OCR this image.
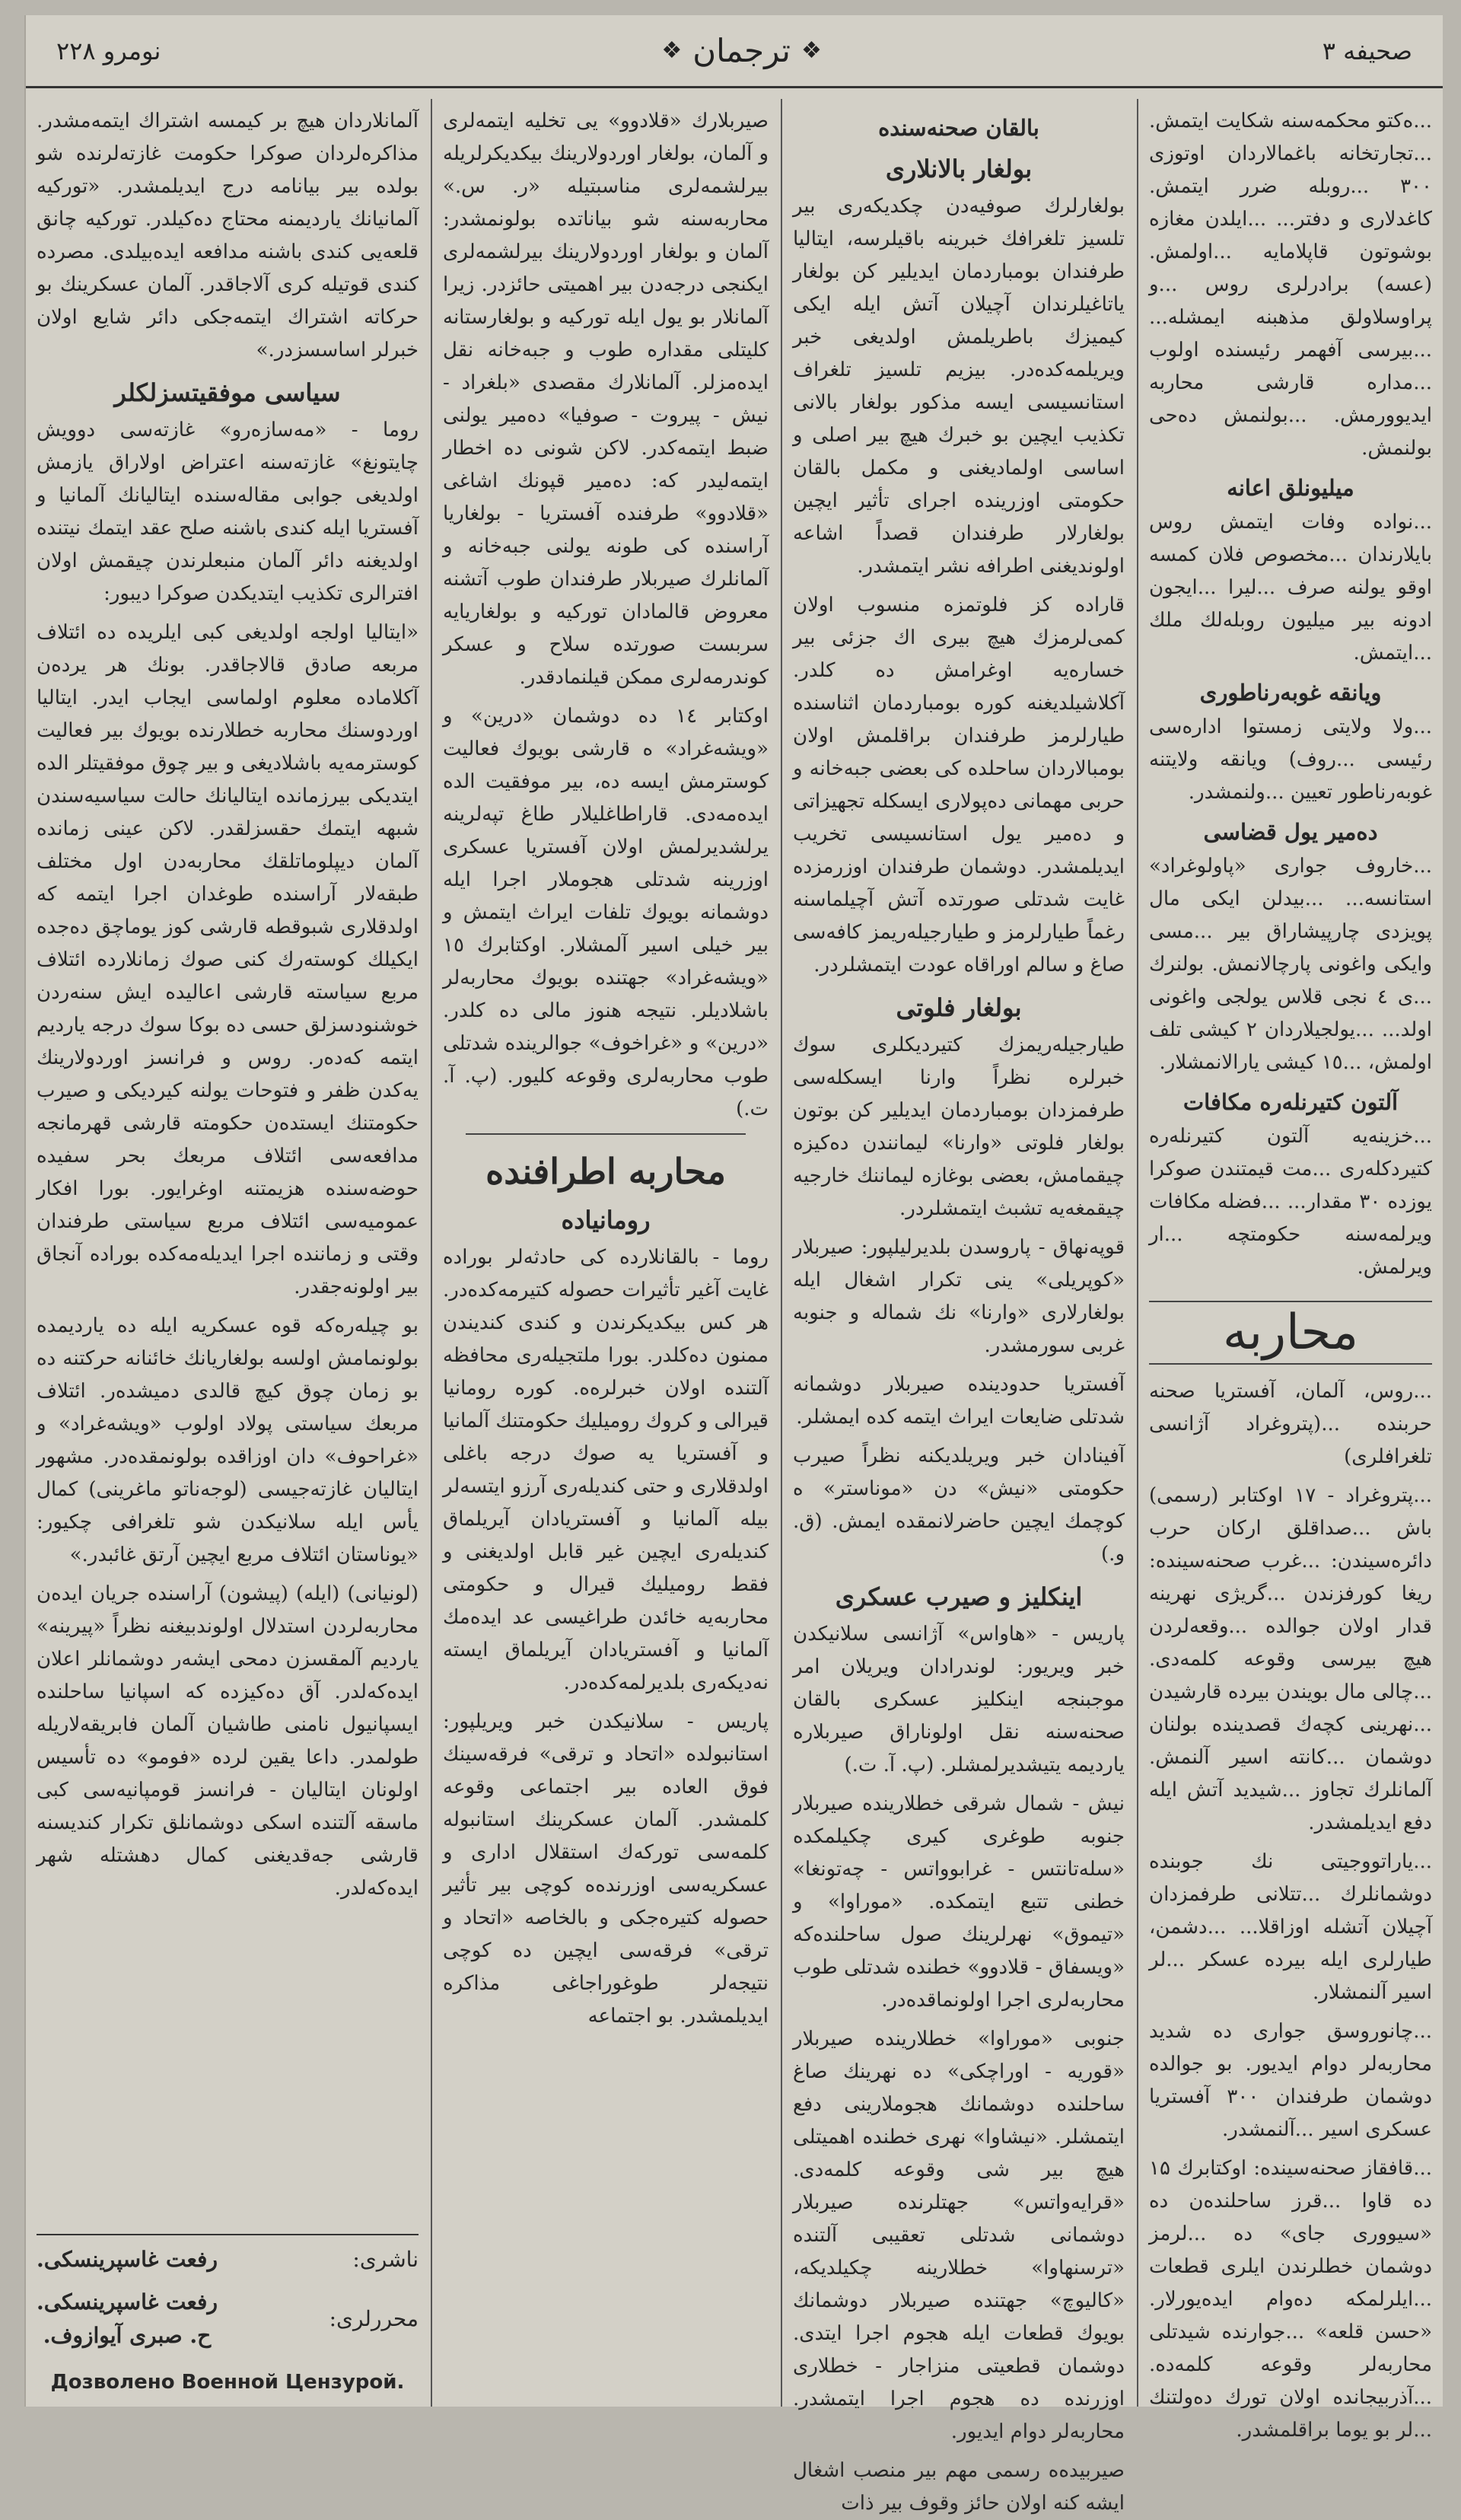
نومرو ۲۲۸	❖ ترجمان ❖	صحيفه ۳

...ه‌كتو محكمه‌سنه شكايت ايتمش. ...تجارتخانه باغمالاردان اوتوزی ۳۰۰ ...روبله ضرر ايتمش. كاغدلاری و دفتر... ...ايلدن مغازه بوشوتون قاپلامايه ...اولمش. (عسه) برادرلری روس ...و پراوسلاولق مذهبنه ايمشله... ...بيرسی آفهمر رئيسنده اولوب ...مداره قارشی محاربه ايديوورمش. ...بولنمش ده‌حی بولنمش.

ميليونلق اعانه

...نواده وفات ايتمش روس بايلارندان ...مخصوص فلان كمسه اوقو يولنه صرف ...ليرا ...ايجون ادونه بير ميليون روبله‌لك ملك ...ايتمش.

ويانقه غوبه‌رناطوری

...ولا ولايتی زمستوا اداره‌سی رئيسی ...روف) ويانقه ولايتنه غوبه‌رناطور تعيين ...ولنمشدر.

ده‌مير يول قضاسی

...خاروف جواری «پاولوغراد» استانسه... ...بيدلن ايكی مال پويزدی چارپيشاراق بير ...مسی وايكی واغونی پارچالانمش. بولنرك ...ى ٤ نجی قلاس يولجی واغونی اولد... ...يولجيلاردان ٢ كيشی تلف اولمش، ...١٥ كيشی يارالانمشلار.

آلتون كتيرنله‌ره مكافات

...خزينه‌يه آلتون كتيرنله‌ره كتيرد‌كله‌ری ...مت قيمتندن صوكرا يوزده ٣٠ مقدار... ...فضله مكافات ويرلمه‌سنه حكومتچه ...ار ويرلمش.

محاربه

...روس، آلمان، آفستريا صحنه حربنده ...(پتروغراد آژانسی تلغرافلری)

...پتروغراد - ۱۷ اوكتابر (رسمی) باش ...صداقلق اركان حرب دائره‌سيندن: ...غرب صحنه‌سينده: ريغا كورفزندن ...گريژی نهرينه قدار اولان جوالده ...وقعه‌لردن هيچ بيرسی وقوعه كلمه‌دی. ...چالی مال بويندن بيرده قارشيدن ...نهرينی كچه‌ك قصدينده بولنان دوشمان ...كانته اسير آلنمش. آلمانلرك تجاوز ...شيديد آتش ايله دفع ايديلمشدر.

...ياراتووجيتی نك جوبنده دوشمانلرك ...تتلانی طرفمزدان آچيلان آتشله اوزاقلا... ...دشمن، طيارلری ايله بيرده عسكر ...لر اسير آلنمشلار.

...چانوروسق جواری ده شديد محاربه‌لر دوام ايديور. بو جوالده دوشمان طرفندان ۳۰۰ آفستريا عسكری اسير ...آلنمشدر.

...قافقاز صحنه‌سينده: اوكتابرك ۱۵ ده قاوا ...قرز ساحلنده‌ن ده «سيووری جای» ده ...لرمز دوشمان خطلرندن ايلری قطعات ...ايلرلمكه ده‌وام ايده‌يورلار. «حسن قلعه» ...جوارنده شيدتلی محاربه‌لر وقوعه كلمه‌ده. ...آذربيجانده اولان تورك ده‌ولتنك ...لر بو يوما براقلمشدر.

بالقان صحنه‌سنده
بولغار بالانلاری

بولغارلرك صوفيه‌دن چكديكه‌ری بير تلسيز تلغرافك خبرينه باقيلرسه، ايتاليا طرفندان بومباردمان ايديلير كن بولغار ياتاغيلرندان آچيلان آتش ايله ايكی كيميزك باطريلمش اولديغی خبر ويريلمه‌كده‌در. بيزيم تلسيز تلغراف استانسيسی ايسه مذكور بولغار بالانی تكذيب ايچين بو خبرك هيچ بير اصلی و اساسی اولماديغنی و مكمل بالقان حكومتی اوزرينده اجرای تأثير ايچين بولغارلار طرفندان قصداً اشاعه اولونديغنی اطرافه نشر ايتمشدر.

قاراده كز فلوتمزه منسوب اولان كمی‌لرمزك هيچ بيری اك جزئی بير خساره‌يه اوغرامش ده كلدر. آكلاشيلديغنه كوره بومباردمان اثناسنده طيارلرمز طرفندان براقلمش اولان بومبالاردان ساحلده كی بعضی جبه‌خانه و حربی مهمانی ده‌پولاری ايسكله تجهيزاتی و ده‌مير يول استانسيسی تخريب ايديلمشدر. دوشمان طرفندان اوزرمزده غايت شدتلی صورتده آتش آچيلماسنه رغماً طيارلرمز و طيارجيله‌ريمز كافه‌سی صاغ و سالم اوراقاه عودت ايتمشلردر.

بولغار فلوتی

طيارجيله‌ريمزك كتيرديكلری سوك خبرلره نظراً وارنا ايسكله‌سی طرفمزدان بومباردمان ايديلير كن بوتون بولغار فلوتی «وارنا» ليمانندن ده‌كيزه چيقمامش، بعضی بوغازه ليماننك خارجيه چيقمغه‌يه تشبث ايتمشلردر.

قوپه‌نهاق - پاروسدن بلديرليلپور: صيربلار «كوپريلی» ينی تكرار اشغال ايله بولغارلاری «وارنا» نك شماله و جنوبه غربی سورمشدر.

آفستريا حدودينده صيربلار دوشمانه شدتلی ضايعات ايراث ايتمه كده ايمشلر.

آفينادان خبر ويريلديكنه نظراً صيرب حكومتی «نيش» دن «موناستر» ه كوچمك ايچين حاضرلانمقده ايمش. (ق. و.)

اينكليز و صيرب عسكری

پاريس - «هاواس» آژانسی سلانيكدن خبر ويريور: لوندرادان ويريلان امر موجبنجه اينكليز عسكری بالقان صحنه‌سنه نقل اولوناراق صيربلاره يارديمه يتيشديرلمشلر. (پ. آ. ت.)

نيش - شمال شرقی خطلارينده صيربلار جنوبه طوغری كيری چكيلمكده «سله‌تانتس - غرابوواتس - چه‌تونغا» خطنی تتبع ايتمكده. «موراوا» و «تيموق» نهرلرينك صول ساحلنده‌كه «ويسفاق - قلادوو» خطنده شدتلی طوب محاربه‌لری اجرا اولونماقده‌در.

جنوبی «موراوا» خطلارينده صيربلار «قوريه - اوراچكی» ده نهرينك صاغ ساحلنده دوشمانك هجوملارينی دفع ايتمشلر. «نيشاوا» نهری خطنده اهميتلی هيچ بير شی وقوعه كلمه‌دی. «قرايه‌واتس» جهتلرنده صيربلار دوشمانی شدتلی تعقيبی آلتنده «ترسنهاوا» خطلارينه چكيلديكه، «كاليوچ» جهتنده صيربلار دوشمانك بويوك قطعات ايله هجوم اجرا ايتدی. دوشمان قطعيتی منزاجار - خطلاری اوزرنده ده هجوم اجرا ايتمشدر. محاربه‌لر دوام ايديور.

صيربيده‌ه رسمی مهم بير منصب اشغال ايشه كنه اولان حائز وقوف بير ذات

صيربلارك «قلادوو» يی تخليه ايتمه‌لری و آلمان، بولغار اوردولارينك بيكديكرلريله بيرلشمه‌لری مناسبتيله «ر. س.» محاربه‌سنه شو بياناتده بولونمشدر: آلمان و بولغار اوردولارينك بيرلشمه‌لری ايكنجی درجه‌دن بير اهميتی حائزدر. زيرا آلمانلار بو يول ايله توركيه و بولغارستانه كليتلی مقداره طوب و جبه‌خانه نقل ايده‌مزلر. آلمانلارك مقصدی «بلغراد - نيش - پيروت - صوفيا» ده‌مير يولنی ضبط ايتمه‌كدر. لاكن شونی ده اخطار ايتمه‌ليدر كه: ده‌مير قپونك اشاغی «قلادوو» طرفنده آفستريا - بولغاريا آراسنده كی طونه يولنی جبه‌خانه و آلمانلرك صيربلار طرفندان طوب آتشنه معروض قالمادان توركيه و بولغاريايه سربست صورتده سلاح و عسكر كوندرمه‌لری ممكن قيلنمادقدر.

اوكتابر ١٤ ده دوشمان «درين» و «ويشه‌غراد» ه قارشی بويوك فعاليت كوسترمش ايسه ده، بير موفقيت الده ايده‌مه‌دی. قاراطاغليلار طاغ تپه‌لرينه يرلشديرلمش اولان آفستريا عسكری اوزرينه شدتلی هجوملار اجرا ايله دوشمانه بويوك تلفات ايراث ايتمش و بير خيلی اسير آلمشلار. اوكتابرك ١٥ «ويشه‌غراد» جهتنده بويوك محاربه‌لر باشلاديلر. نتيجه هنوز مالی ده كلدر. «درين» و «غراخوف» جوالرينده شدتلی طوب محاربه‌لری وقوعه كليور. (پ. آ. ت.)

محاربه اطرافنده
رومانياده

روما - بالقانلارده كی حادثه‌لر بوراده غايت آغير تأثيرات حصوله كتيرمه‌كده‌در. هر كس بيكديكرندن و كندی كنديندن ممنون ده‌كلدر. بورا ملتجيله‌ری محافظه آلتنده اولان خبرلره‌ه. كوره رومانيا قيرالی و كروك روميليك حكومتنك آلمانيا و آفستريا يه صوك درجه باغلی اولدقلاری و حتی كنديله‌ری آرزو ايتسه‌لر بيله آلمانيا و آفستريادان آيريلماق كنديله‌ری ايچين غير قابل اولديغنی و فقط روميليك قيرال و حكومتی محاربه‌يه خائدن طراغيسی عد ايده‌مك آلمانيا و آفستريادان آيريلماق ايسته نه‌ديكه‌ری بلديرلمه‌كده‌در.

پاريس - سلانيكدن خبر ويريلپور: استانبولده «اتحاد و ترقی» فرقه‌سينك فوق العاده بير اجتماعی وقوعه كلمشدر. آلمان عسكرينك استانبوله كلمه‌سی توركه‌ك استقلال اداری و عسكريه‌سی اوزرنده‌ه كوچی بير تأثير حصوله كتيره‌جكی و بالخاصه «اتحاد و ترقی» فرقه‌سی ايچين ده كوچی نتيجه‌لر طوغوراجاغی مذاكره ايديلمشدر. بو اجتماعه

آلمانلاردان هيچ بر كيمسه اشتراك ايتمه‌مشدر. مذاكره‌لردان صوكرا حكومت غازته‌لرنده شو بولده بير بيانامه درج ايديلمشدر. «توركيه آلمانيانك يارديمنه محتاج ده‌كيلدر. توركيه چانق قلعه‌يی كندی باشنه مدافعه ايده‌بيلدی. مصرده كندی قوتيله كری آلاجاقدر. آلمان عسكرينك بو حركاته اشتراك ايتمه‌جكی دائر شايع اولان خبرلر اساسسزدر.»

سياسی موفقيتسزلكلر

روما - «مه‌سازه‌رو» غازته‌سی دوويش چايتونغ» غازته‌سنه اعتراض اولاراق يازمش اولديغی جوابی مقاله‌سنده ايتاليانك آلمانيا و آفستريا ايله كندی باشنه صلح عقد ايتمك نيتنده اولديغنه دائر آلمان منبعلرندن چيقمش اولان افترالری تكذيب ايتديكدن صوكرا ديبور:

«ايتاليا اولجه اولديغی كبی ايلريده ده ائتلاف مربعه صادق قالاجاقدر. بونك هر يرده‌ن آكلاماده معلوم اولماسی ايجاب ايدر. ايتاليا اوردوسنك محاربه خطلارنده بويوك بير فعاليت كوسترمه‌يه باشلاديغی و بير چوق موفقيتلر الده ايتديكی بيرزمانده ايتاليانك حالت سياسيه‌سندن شبهه ايتمك حقسزلقدر. لاكن عينی زمانده آلمان ديپلوماتلقك محاربه‌دن اول مختلف طبقه‌لار آراسنده طوغدان اجرا ايتمه كه اولدقلاری شبوقطه قارشی كوز يوماچق ده‌جده ايكيلك كوسته‌رك كنی صوك زمانلارده ائتلاف مربع سياسته قارشی اعاليده ايش سنه‌ردن خوشنودسزلق حسی ده بوكا سوك درجه يارديم ايتمه كه‌ده‌ر. روس و فرانسز اوردولارينك يه‌كدن ظفر و فتوحات يولنه كيرديكی و صيرب حكومتنك ايستده‌ن حكومته قارشی قهرمانجه مدافعه‌سی ائتلاف مربعك بحر سفيده حوضه‌سنده هزيمتنه اوغرايور. بورا افكار عموميه‌سی ائتلاف مربع سياستی طرفندان وقتی و زماننده اجرا ايديله‌مه‌كده بوراده آنجاق بير اولونه‌جقدر.

بو چيله‌ره‌كه قوه عسكريه ايله ده يارديمده بولونمامش اولسه بولغاريانك خائنانه حركتنه ده بو زمان چوق كيچ قالدی دميشده‌ر. ائتلاف مربعك سياستی پولاد اولوب «ويشه‌غراد» و «غراحوف» دان اوزاقده بولونمقده‌در. مشهور ايتاليان غازته‌جيسی (لوجه‌ناتو ماغرينی) كمال يأس ايله سلانيكدن شو تلغرافی چكيور: «يوناستان ائتلاف مربع ايچين آرتق غائبدر.»

(لونيانی) (ايله) (پيشون) آراسنده جريان ايده‌ن محاربه‌لردن استدلال اولوندبيغنه نظراً «پيرينه» يارديم آلمقسزن دمحی ايشه‌ر دوشمانلر اعلان ايده‌كه‌لدر. آق ده‌كيزده كه اسپانيا ساحلنده ايسپانيول نامنی طاشيان آلمان فابريقه‌لاريله طولمدر. داعا يقين لرده «فومو» ده تأسيس اولونان ايتاليان - فرانسز قومپانيه‌سی كبی ماسقه آلتنده اسكی دوشمانلق تكرار كنديسنه قارشی جه‌قديغنی كمال دهشتله شهر ايده‌كه‌لدر.

ناشری:
رفعت غاسپرينسكی.
محررلری:
رفعت غاسپرينسكی.
ح. صبری آيوازوف.
Дозволено Военной Цензурой.
